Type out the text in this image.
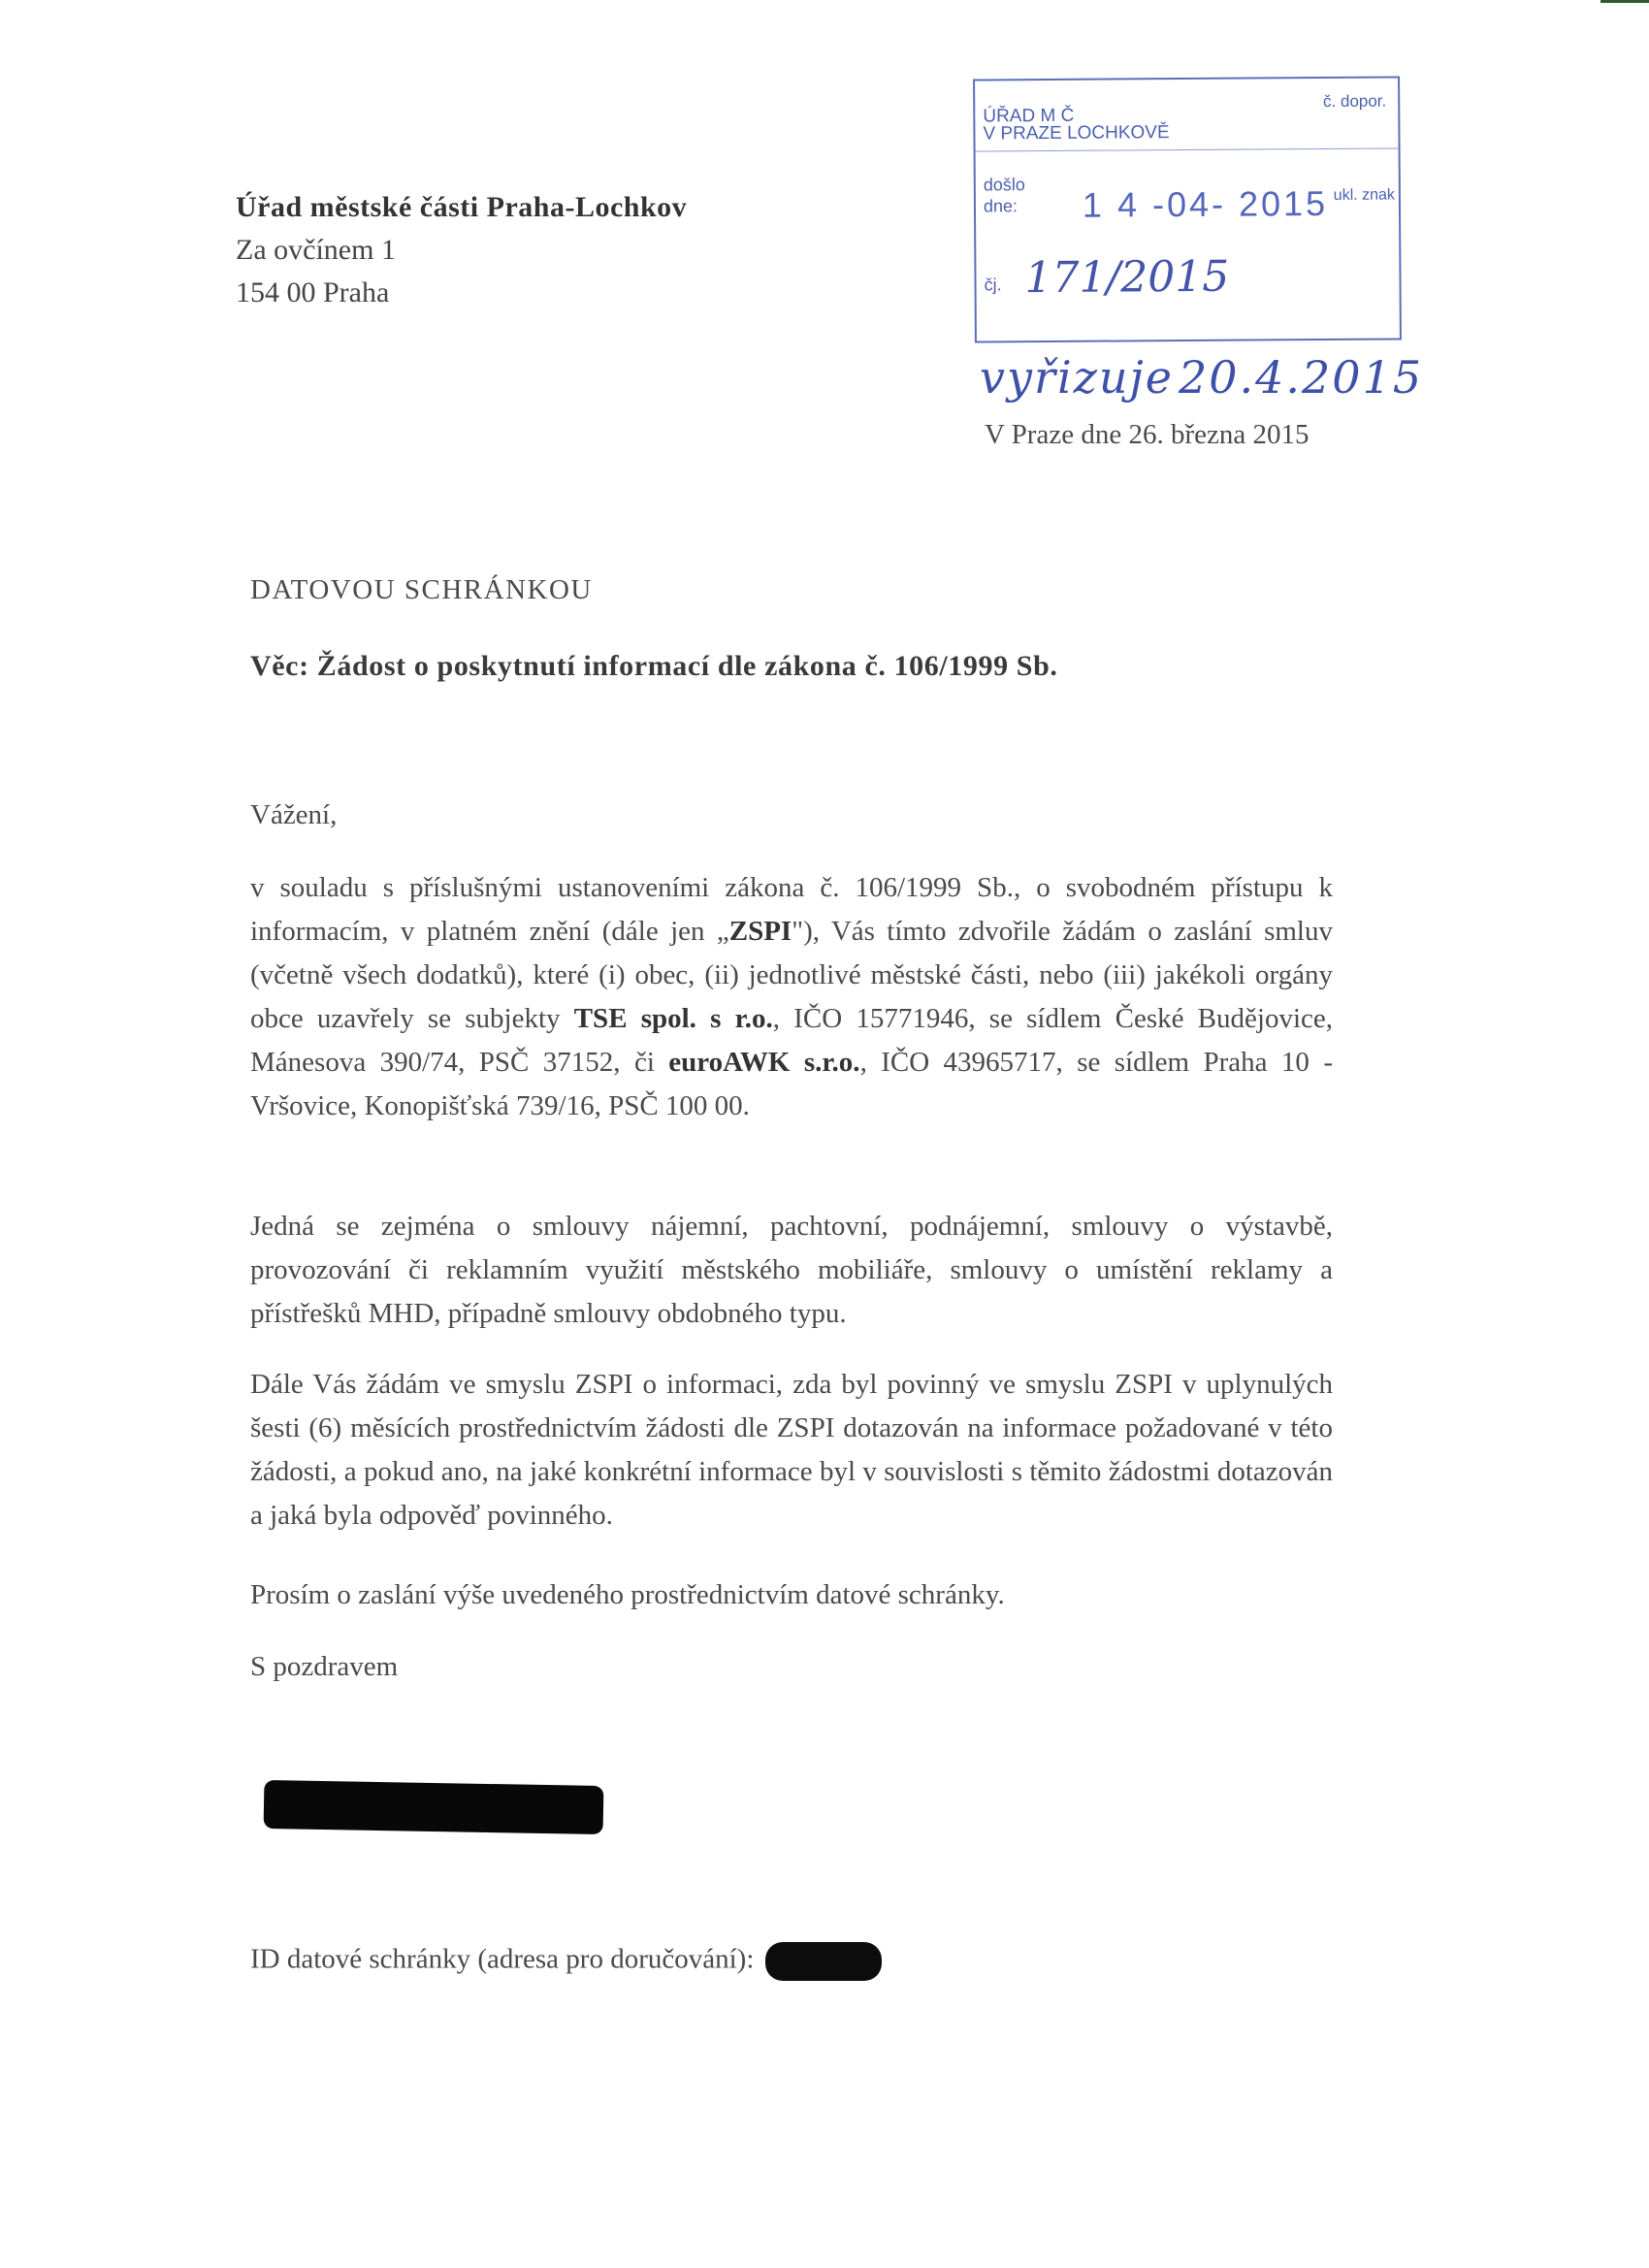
Úřad městské části Praha-Lochkov
Za ovčínem 1
154 00 Praha
ÚŘAD M Č
V PRAZE LOCHKOVĚ
č. dopor.
došlo
dne: 1 4 -04- 2015 ukl. znak
čj. 171/2015
vyřizuje 20.4.2015
V Praze dne 26. března 2015
DATOVOU SCHRÁNKOU
Věc: Žádost o poskytnutí informací dle zákona č. 106/1999 Sb.
Vážení,
v souladu s příslušnými ustanoveními zákona č. 106/1999 Sb., o svobodném přístupu k informacím, v platném znění (dále jen „ZSPI"), Vás tímto zdvořile žádám o zaslání smluv (včetně všech dodatků), které (i) obec, (ii) jednotlivé městské části, nebo (iii) jakékoli orgány obce uzavřely se subjekty TSE spol. s r.o., IČO 15771946, se sídlem České Budějovice, Mánesova 390/74, PSČ 37152, či euroAWK s.r.o., IČO 43965717, se sídlem Praha 10 - Vršovice, Konopišťská 739/16, PSČ 100 00.
Jedná se zejména o smlouvy nájemní, pachtovní, podnájemní, smlouvy o výstavbě, provozování či reklamním využití městského mobiliáře, smlouvy o umístění reklamy a přístřešků MHD, případně smlouvy obdobného typu.
Dále Vás žádám ve smyslu ZSPI o informaci, zda byl povinný ve smyslu ZSPI v uplynulých šesti (6) měsících prostřednictvím žádosti dle ZSPI dotazován na informace požadované v této žádosti, a pokud ano, na jaké konkrétní informace byl v souvislosti s těmito žádostmi dotazován a jaká byla odpověď povinného.
Prosím o zaslání výše uvedeného prostřednictvím datové schránky.
S pozdravem
ID datové schránky (adresa pro doručování):
